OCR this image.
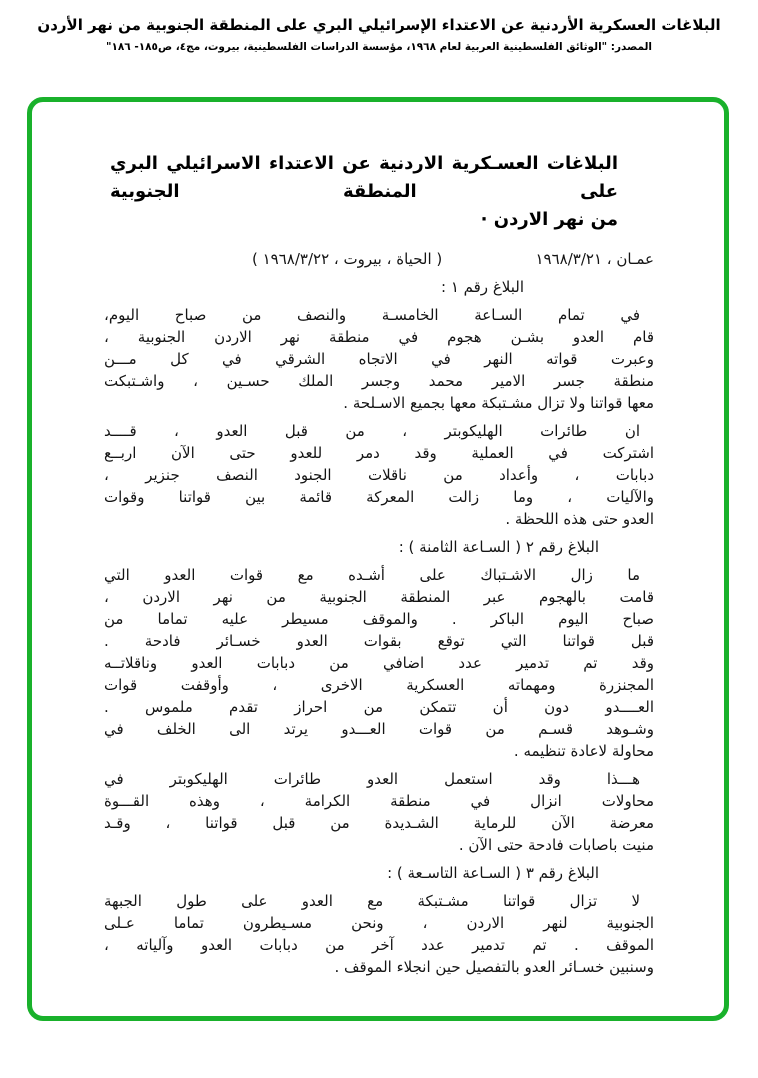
البلاغات العسكرية الأردنية عن الاعتداء الإسرائيلي البري على المنطقة الجنوبية من نهر الأردن
المصدر: "الوثائق الفلسطينية العربية لعام ١٩٦٨، مؤسسة الدراسات الفلسطينية، بيروت، مج٤، ص١٨٥- ١٨٦"
البلاغات العسـكرية الاردنية عن الاعتداء الاسرائيلي البري على المنطقة الجنوبية
من نهر الاردن ·
عمـان ، ١٩٦٨/٣/٢١
( الحياة ، بيروت ، ١٩٦٨/٣/٢٢ )
البلاغ رقم ١ :
في تمام السـاعة الخامسـة والنصف من صباح اليوم،
قام العدو بشـن هجوم في منطقة نهر الاردن الجنوبية ،
وعبرت قواته النهر في الاتجاه الشرقي في كل مـــن
منطقة جسر الامير محمد وجسر الملك حسـين ، واشـتبكت
معها قواتنا ولا تزال مشـتبكة معها بجميع الاسـلحة .
ان طائرات الهليكوبتر ، من قبل العدو ، قــــد
اشتركت في العملية وقد دمر للعدو حتى الآن اربــع
دبابات ، وأعداد من ناقلات الجنود النصف جنزير ،
والآليات ، وما زالت المعركة قائمة بين قواتنا وقوات
العدو حتى هذه اللحظة .
البلاغ رقم ٢ ( السـاعة الثامنة ) :
ما زال الاشـتباك على أشـده مع قوات العدو التي
قامت بالهجوم عبر المنطقة الجنوبية من نهر الاردن ،
صباح اليوم الباكر . والموقف مسيطر عليه تماما من
قبل قواتنا التي توقع بقوات العدو خسـائر فادحة .
وقد تم تدمير عدد اضافي من دبابات العدو وناقلاتــه
المجنزرة ومهماته العسكرية الاخرى ، وأوقفت قوات
العــــدو دون أن تتمكن من احراز تقدم ملموس .
وشـوهد قسـم من قوات العـــدو يرتد الى الخلف في
محاولة لاعادة تنظيمه .
هـــذا وقد استعمل العدو طائرات الهليكوبتر في
محاولات انزال في منطقة الكرامة ، وهذه القـــوة
معرضة الآن للرماية الشـديدة من قبل قواتنا ، وقـد
منيت باصابات فادحة حتى الآن .
البلاغ رقم ٣ ( السـاعة التاسـعة ) :
لا تزال قواتنا مشـتبكة مع العدو على طول الجبهة
الجنوبية لنهر الاردن ، ونحن مسـيطرون تماما عـلى
الموقف . تم تدمير عدد آخر من دبابات العدو وآلياته ،
وسنبين خسـائر العدو بالتفصيل حين انجلاء الموقف .
